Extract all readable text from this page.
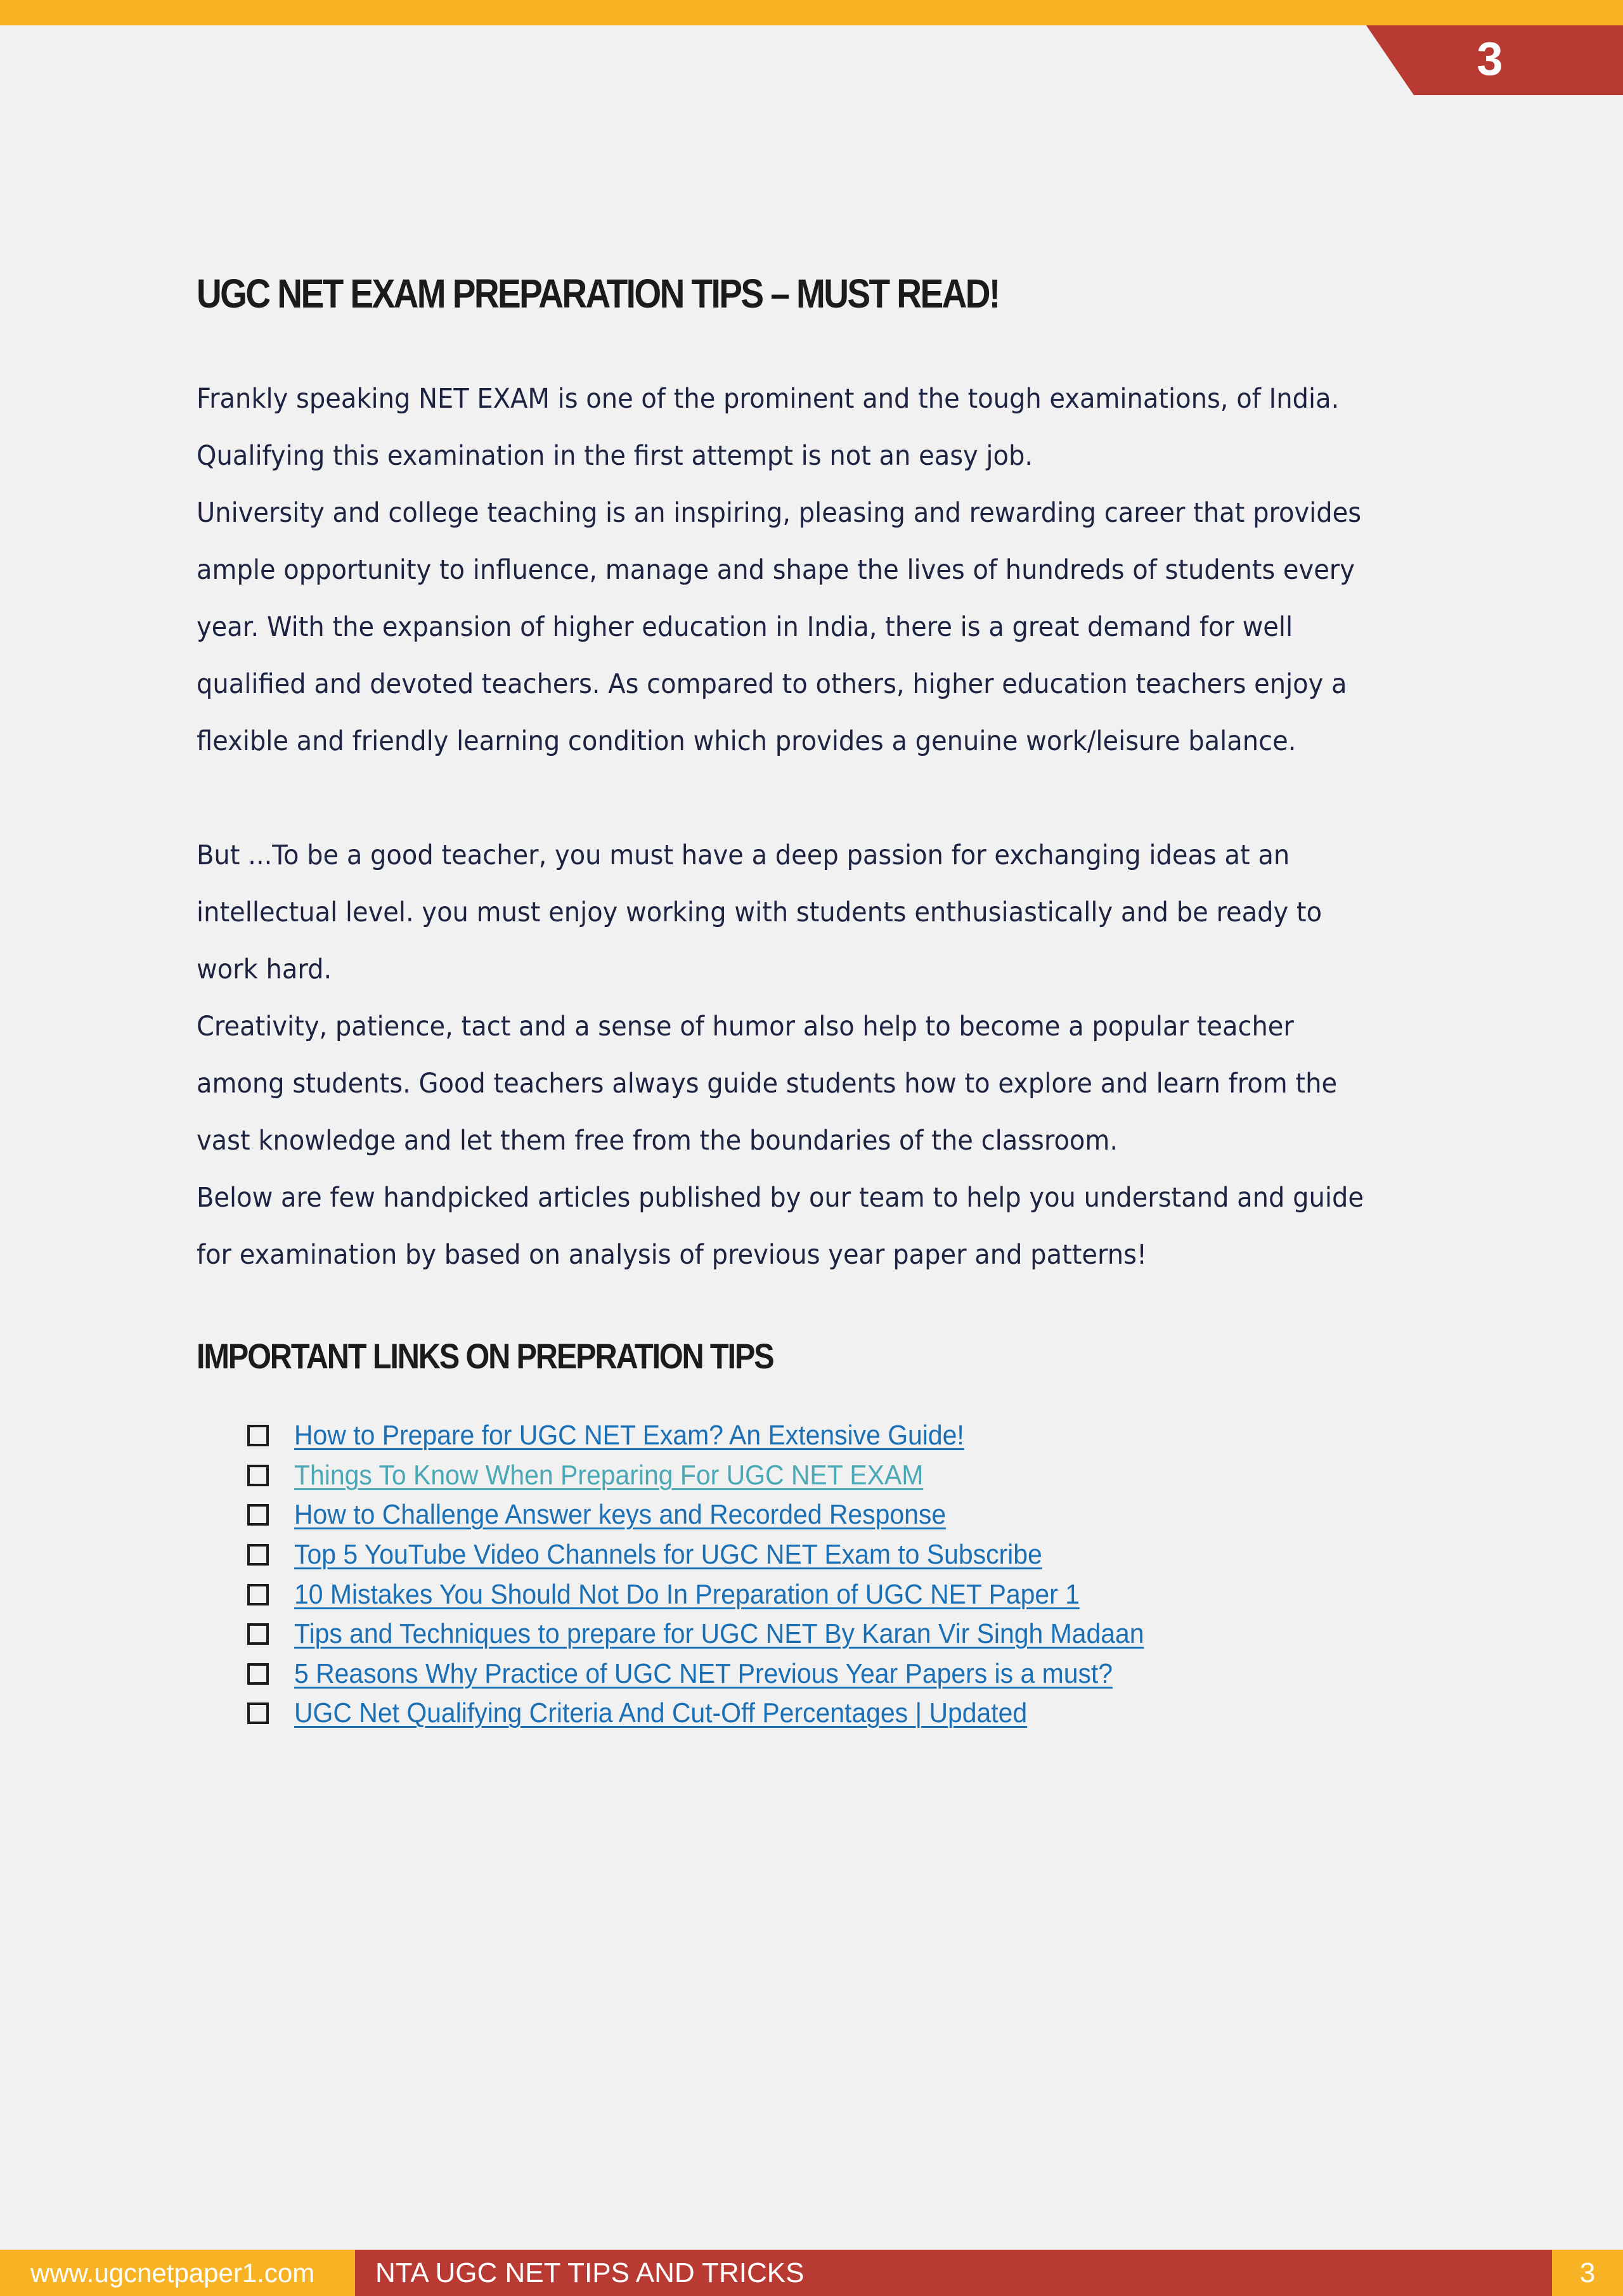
3
UGC NET EXAM PREPARATION TIPS – MUST READ!

Frankly speaking NET EXAM is one of the prominent and the tough examinations, of India.

Qualifying this examination in the first attempt is not an easy job.

University and college teaching is an inspiring, pleasing and rewarding career that provides

ample opportunity to influence, manage and shape the lives of hundreds of students every

year. With the expansion of higher education in India, there is a great demand for well

qualified and devoted teachers. As compared to others, higher education teachers enjoy a

flexible and friendly learning condition which provides a genuine work/leisure balance.

But ...To be a good teacher, you must have a deep passion for exchanging ideas at an

intellectual level. you must enjoy working with students enthusiastically and be ready to

work hard.

Creativity, patience, tact and a sense of humor also help to become a popular teacher

among students. Good teachers always guide students how to explore and learn from the

vast knowledge and let them free from the boundaries of the classroom.

Below are few handpicked articles published by our team to help you understand and guide

for examination by based on analysis of previous year paper and patterns!

IMPORTANT LINKS ON PREPRATION TIPS
How to Prepare for UGC NET Exam? An Extensive Guide!
Things To Know When Preparing For UGC NET EXAM
How to Challenge Answer keys and Recorded Response
Top 5 YouTube Video Channels for UGC NET Exam to Subscribe
10 Mistakes You Should Not Do In Preparation of UGC NET Paper 1
Tips and Techniques to prepare for UGC NET By Karan Vir Singh Madaan
5 Reasons Why Practice of UGC NET Previous Year Papers is a must?
UGC Net Qualifying Criteria And Cut-Off Percentages | Updated
www.ugcnetpaper1.com	NTA UGC NET TIPS AND TRICKS	3
